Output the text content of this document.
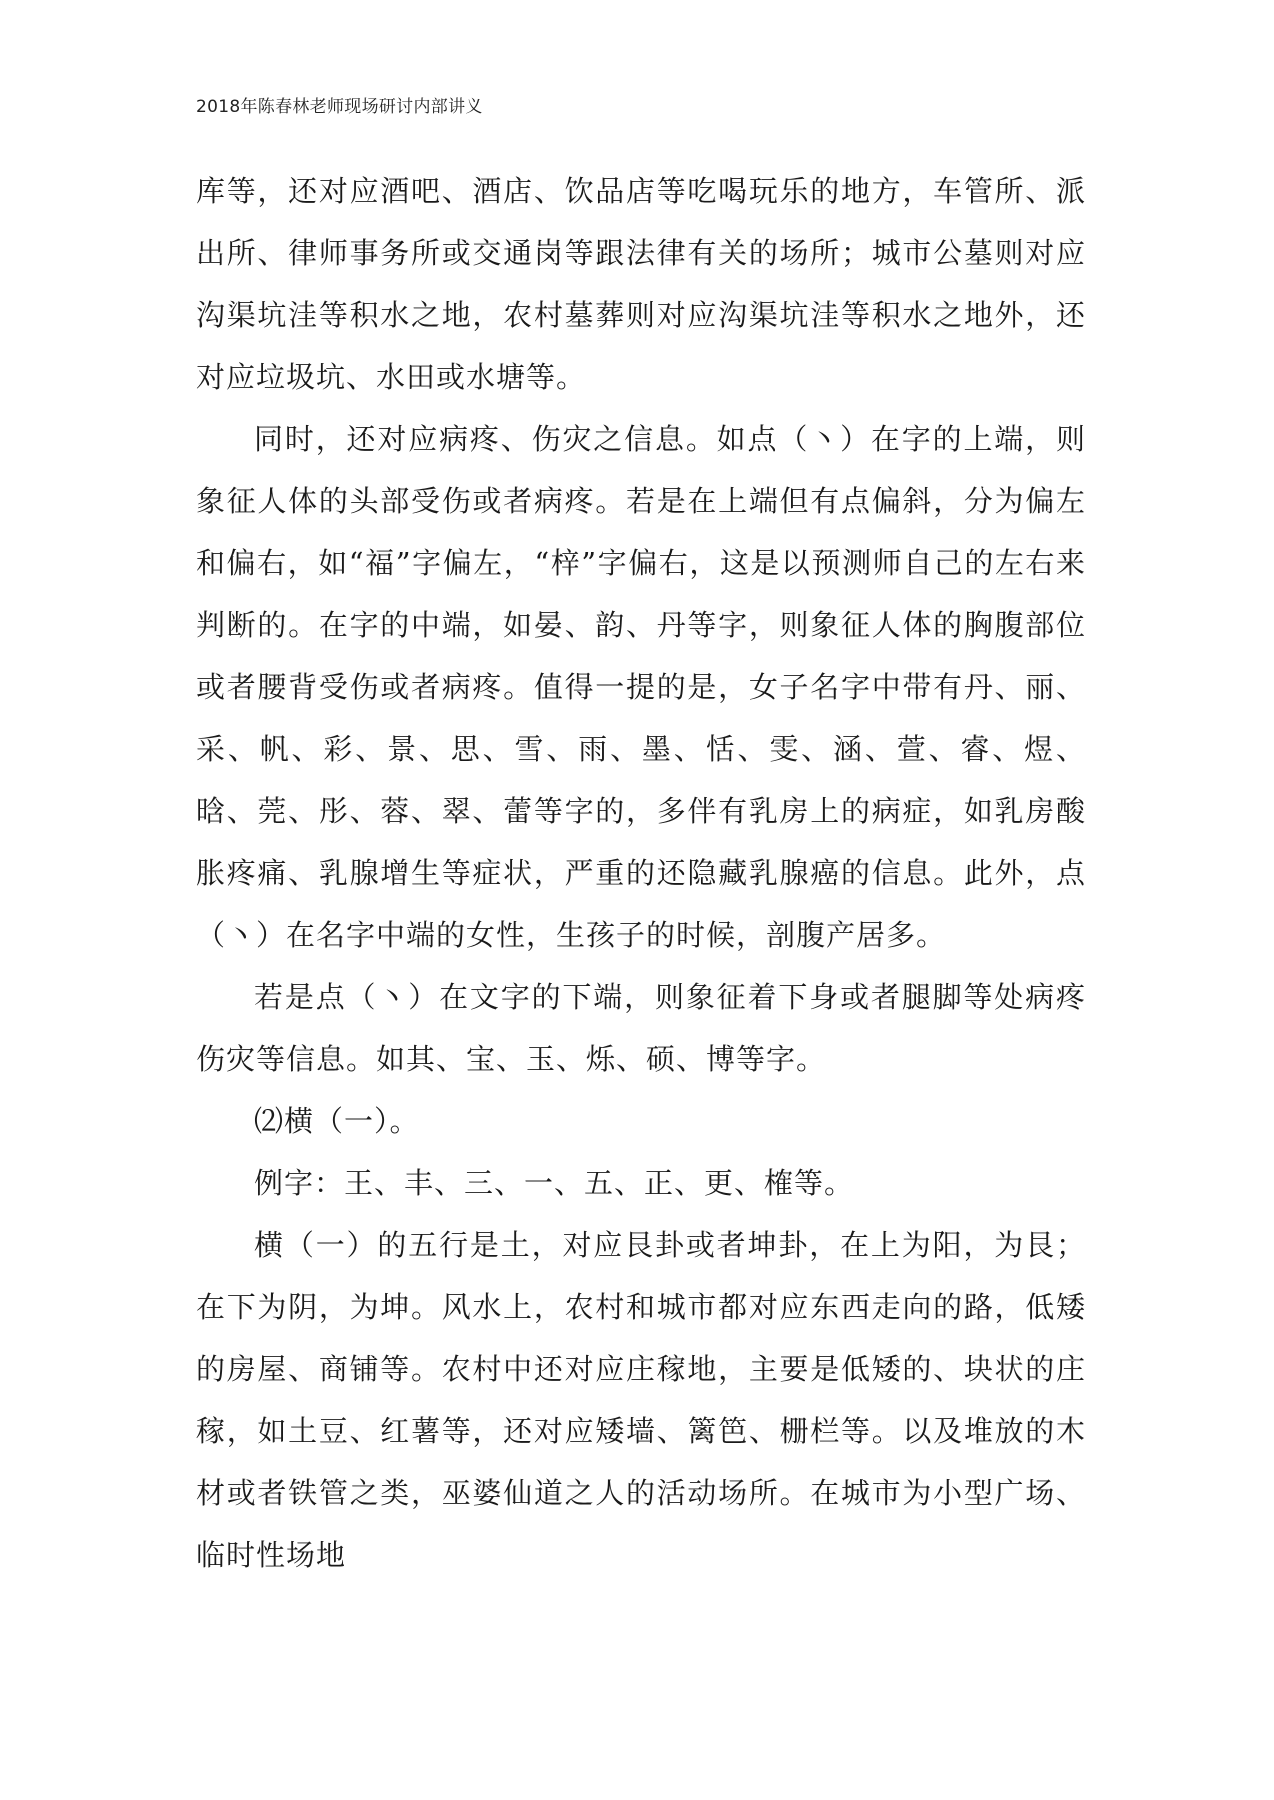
2018年陈春林老师现场研讨内部讲义

库等，还对应酒吧、酒店、饮品店等吃喝玩乐的地方，车管所、派出所、律师事务所或交通岗等跟法律有关的场所；城市公墓则对应沟渠坑洼等积水之地，农村墓葬则对应沟渠坑洼等积水之地外，还对应垃圾坑、水田或水塘等。

同时，还对应病疼、伤灾之信息。如点（丶）在字的上端，则象征人体的头部受伤或者病疼。若是在上端但有点偏斜，分为偏左和偏右，如“福”字偏左，“梓”字偏右，这是以预测师自己的左右来判断的。在字的中端，如晏、韵、丹等字，则象征人体的胸腹部位或者腰背受伤或者病疼。值得一提的是，女子名字中带有丹、丽、采、帆、彩、景、思、雪、雨、墨、恬、雯、涵、萱、睿、煜、晗、莞、彤、蓉、翠、蕾等字的，多伴有乳房上的病症，如乳房酸胀疼痛、乳腺增生等症状，严重的还隐藏乳腺癌的信息。此外，点（丶）在名字中端的女性，生孩子的时候，剖腹产居多。

若是点（丶）在文字的下端，则象征着下身或者腿脚等处病疼伤灾等信息。如其、宝、玉、烁、硕、博等字。

⑵横（一）。

例字：王、丰、三、一、五、正、更、榷等。

横（一）的五行是土，对应艮卦或者坤卦，在上为阳，为艮；在下为阴，为坤。风水上，农村和城市都对应东西走向的路，低矮的房屋、商铺等。农村中还对应庄稼地，主要是低矮的、块状的庄稼，如土豆、红薯等，还对应矮墙、篱笆、栅栏等。以及堆放的木材或者铁管之类，巫婆仙道之人的活动场所。在城市为小型广场、临时性场地
